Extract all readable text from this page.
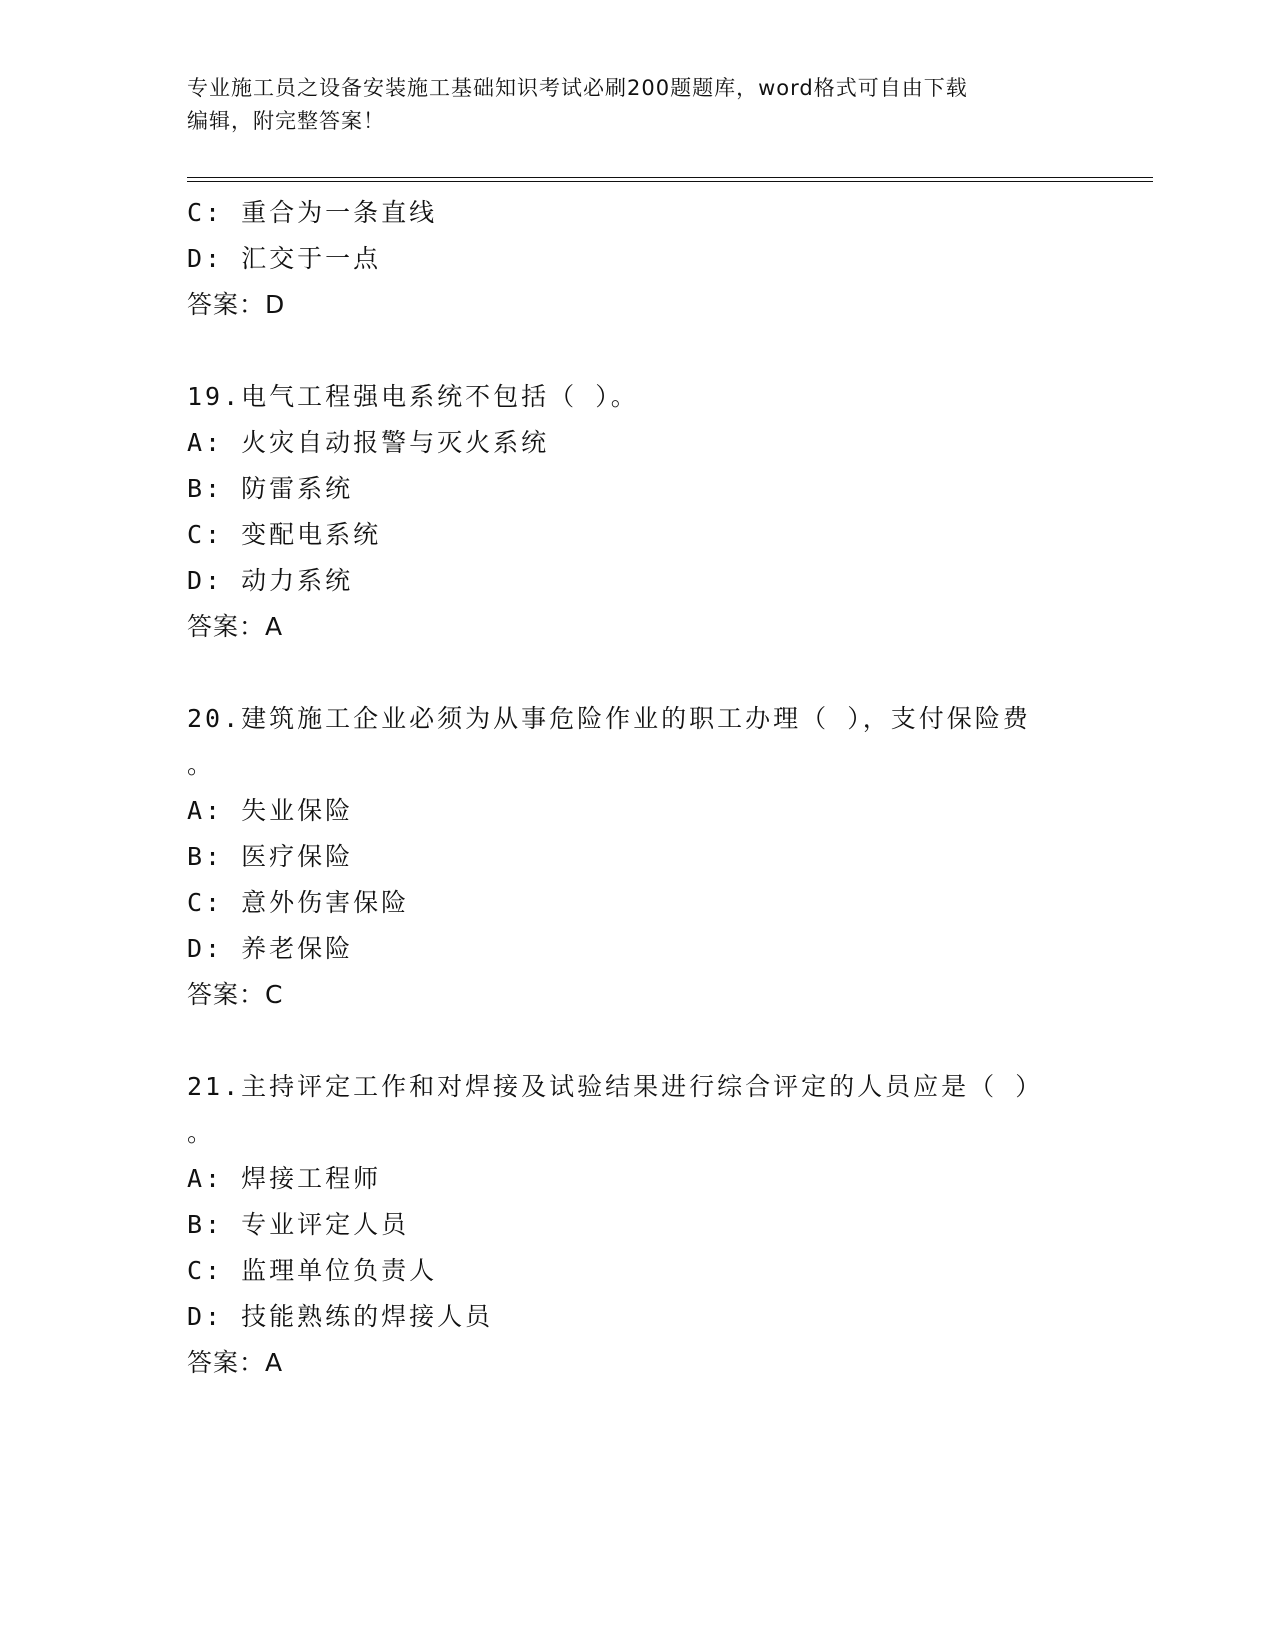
专业施工员之设备安装施工基础知识考试必刷200题题库，word格式可自由下载
编辑，附完整答案！
C: 重合为一条直线
D: 汇交于一点
答案：D
19.电气工程强电系统不包括（ ）。
A: 火灾自动报警与灭火系统
B: 防雷系统
C: 变配电系统
D: 动力系统
答案：A
20.建筑施工企业必须为从事危险作业的职工办理（ ），支付保险费
。
A: 失业保险
B: 医疗保险
C: 意外伤害保险
D: 养老保险
答案：C
21.主持评定工作和对焊接及试验结果进行综合评定的人员应是（ ）
。
A: 焊接工程师
B: 专业评定人员
C: 监理单位负责人
D: 技能熟练的焊接人员
答案：A
